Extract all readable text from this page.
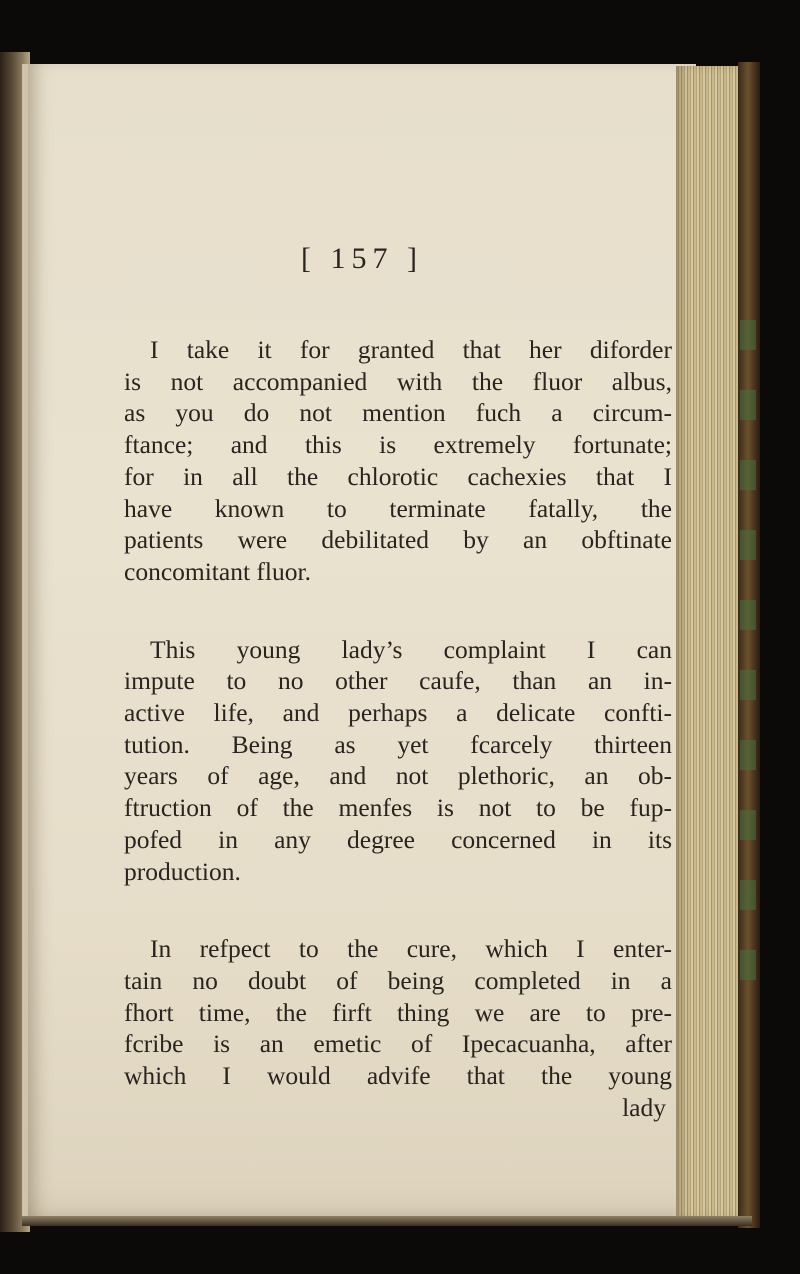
[ 157 ]
I take it for granted that her diforder
is not accompanied with the fluor albus,
as you do not mention fuch a circum-
ftance; and this is extremely fortunate;
for in all the chlorotic cachexies that I
have known to terminate fatally, the
patients were debilitated by an obftinate
concomitant fluor.
This young lady’s complaint I can
impute to no other caufe, than an in-
active life, and perhaps a delicate confti-
tution. Being as yet fcarcely thirteen
years of age, and not plethoric, an ob-
ftruction of the menfes is not to be fup-
pofed in any degree concerned in its
production.
In refpect to the cure, which I enter-
tain no doubt of being completed in a
fhort time, the firft thing we are to pre-
fcribe is an emetic of Ipecacuanha, after
which I would advife that the young
lady
